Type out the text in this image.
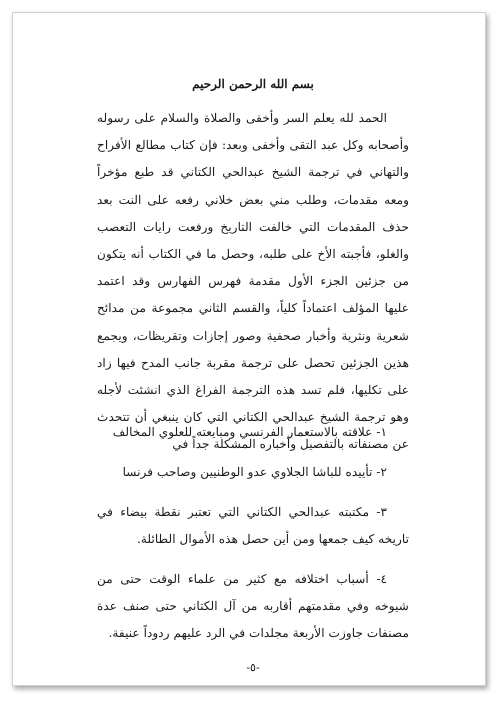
بسم الله الرحمن الرحيم

الحمد لله يعلم السر وأخفى والصلاة والسلام على رسوله وأصحابه وكل عبد التقى وأخفى وبعد: فإن كتاب مطالع الأفراح والتهاني في ترجمة الشيخ عبدالحي الكتاني قد طبع مؤخراً ومعه مقدمات، وطلب مني بعض خلاني رفعه على النت بعد حذف المقدمات التي خالفت التاريخ ورفعت رايات التعصب والغلو، فأجبته الأخ على طلبه، وحصل ما في الكتاب أنه يتكون من جزئين الجزء الأول مقدمة فهرس الفهارس وقد اعتمد عليها المؤلف اعتماداً كلياً، والقسم الثاني مجموعة من مدائح شعرية ونثرية وأخبار صحفية وصور إجازات وتقريظات، ويجمع هذين الجزئين تحصل على ترجمة مقربة جانب المدح فيها زاد على تكليها، فلم تسد هذه الترجمة الفراغ الذي انشئت لأجله وهو ترجمة الشيخ عبدالحي الكتاني التي كان ينبغي أن تتحدث عن مصنفاته بالتفصيل وأخباره المشكلة جداً في

١- علاقته بالاستعمار الفرنسي ومبايعته للعلوي المخالف

٢- تأييده للباشا الجلاوي عدو الوطنيين وصاحب فرنسا

٣- مكتبته عبدالحي الكتاني التي تعتبر نقطة بيضاء في تاريخه كيف جمعها ومن أين حصل هذه الأموال الطائلة.

٤- أسباب اختلافه مع كثير من علماء الوقت حتى من شيوخه وفي مقدمتهم أقاربه من آل الكتاني حتى صنف عدة مصنفات جاوزت الأربعة مجلدات في الرد عليهم ردوداً عنيفة.

-٥-
